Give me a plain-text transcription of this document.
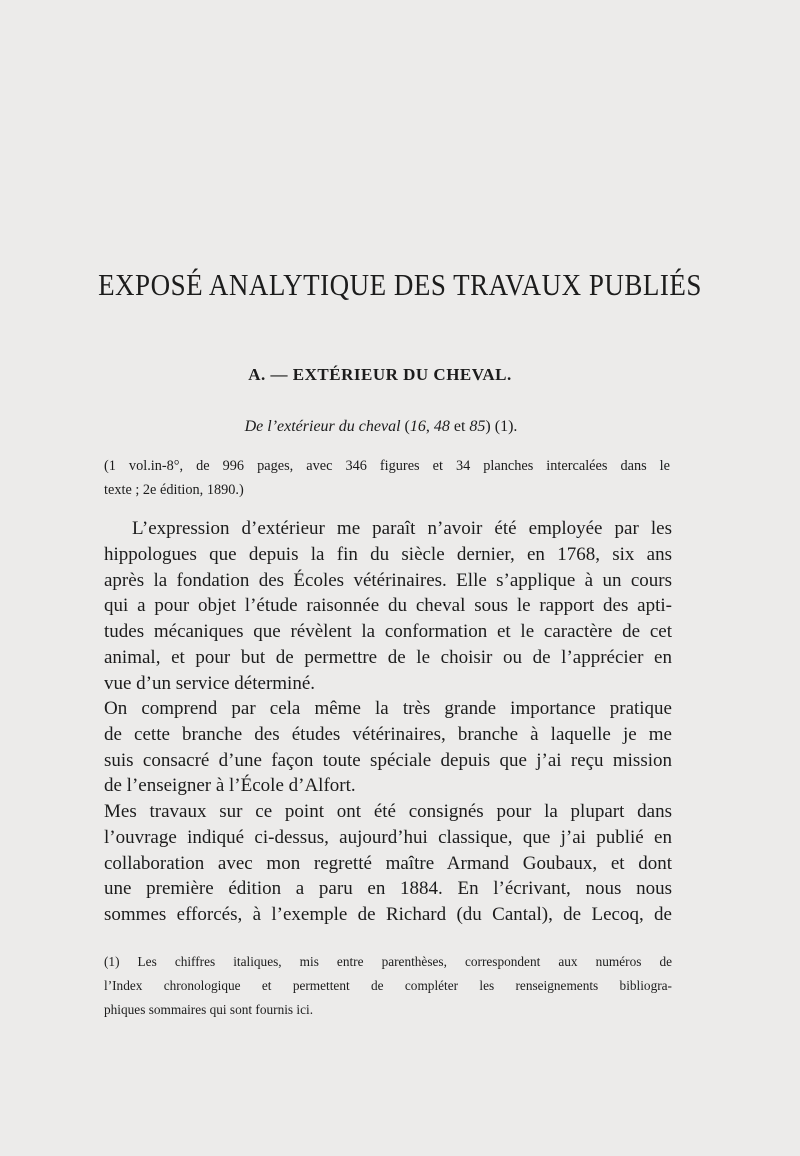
EXPOSÉ ANALYTIQUE DES TRAVAUX PUBLIÉS
A. — EXTÉRIEUR DU CHEVAL.
De l’extérieur du cheval (16, 48 et 85) (1).
(1 vol.in-8°, de 996 pages, avec 346 figures et 34 planches intercalées dans le
texte ; 2e édition, 1890.)
L’expression d’extérieur me paraît n’avoir été employée par les
hippologues que depuis la fin du siècle dernier, en 1768, six ans
après la fondation des Écoles vétérinaires. Elle s’applique à un cours
qui a pour objet l’étude raisonnée du cheval sous le rapport des apti-
tudes mécaniques que révèlent la conformation et le caractère de cet
animal, et pour but de permettre de le choisir ou de l’apprécier en
vue d’un service déterminé.
On comprend par cela même la très grande importance pratique
de cette branche des études vétérinaires, branche à laquelle je me
suis consacré d’une façon toute spéciale depuis que j’ai reçu mission
de l’enseigner à l’École d’Alfort.
Mes travaux sur ce point ont été consignés pour la plupart dans
l’ouvrage indiqué ci-dessus, aujourd’hui classique, que j’ai publié en
collaboration avec mon regretté maître Armand Goubaux, et dont
une première édition a paru en 1884. En l’écrivant, nous nous
sommes efforcés, à l’exemple de Richard (du Cantal), de Lecoq, de
(1) Les chiffres italiques, mis entre parenthèses, correspondent aux numéros de
l’Index chronologique et permettent de compléter les renseignements bibliogra-
phiques sommaires qui sont fournis ici.
